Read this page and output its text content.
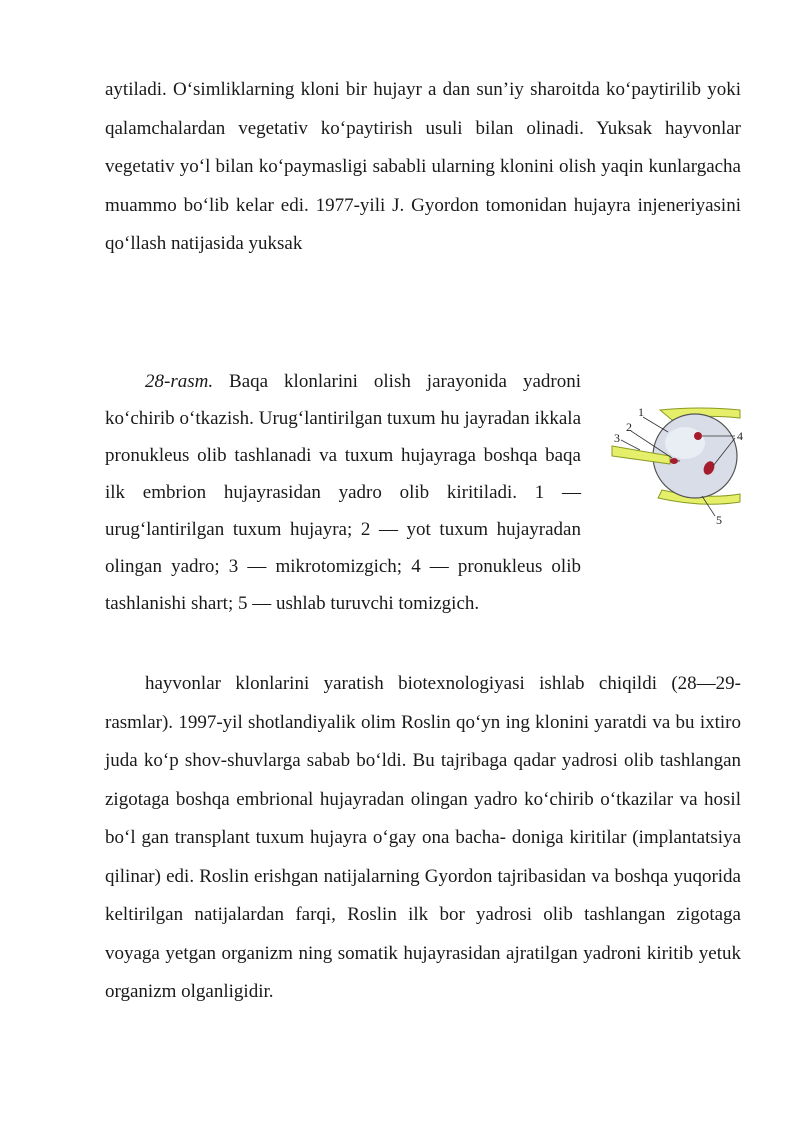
aytiladi. O‘simliklarning kloni bir hujayr a dan sun’iy sharoitda ko‘paytirilib yoki qalamchalardan vegetativ ko‘paytirish usuli bilan olinadi. Yuksak hayvonlar vegetativ yo‘l bilan ko‘paymasligi sababli ularning klonini olish yaqin kunlargacha muammo bo‘lib kelar edi. 1977-yili J. Gyordon tomonidan hujayra injeneriyasini qo‘llash natijasida yuksak

28-rasm. Baqa klonlarini olish jarayonida yadroni ko‘chirib o‘tkazish. Urug‘lantirilgan tuxum hu jayradan ikkala pronukleus olib tashlanadi va tuxum hujayraga boshqa baqa ilk embrion hujayrasidan yadro olib kiritiladi. 1 — urug‘lantirilgan tuxum hujayra; 2 — yot tuxum hujayradan olingan yadro; 3 — mikrotomizgich; 4 — pronukleus olib tashlanishi shart; 5 — ushlab turuvchi tomizgich.

1
2
3	4
5

hayvonlar klonlarini yaratish biotexnologiyasi ishlab chiqildi (28—29-rasmlar). 1997-yil shotlandiyalik olim Roslin qo‘yn ing klonini yaratdi va bu ixtiro juda ko‘p shov-shuvlarga sabab bo‘ldi. Bu tajribaga qadar yadrosi olib tashlangan zigotaga boshqa embrional hujayradan olingan yadro ko‘chirib o‘tkazilar va hosil bo‘l gan transplant tuxum hujayra o‘gay ona bacha- doniga kiritilar (implantatsiya qilinar) edi. Roslin erishgan natijalarning Gyordon tajribasidan va boshqa yuqorida keltirilgan natijalardan farqi, Roslin ilk bor yadrosi olib tashlangan zigotaga voyaga yetgan organizm ning somatik hujayrasidan ajratilgan yadroni kiritib yetuk organizm olganligidir.
